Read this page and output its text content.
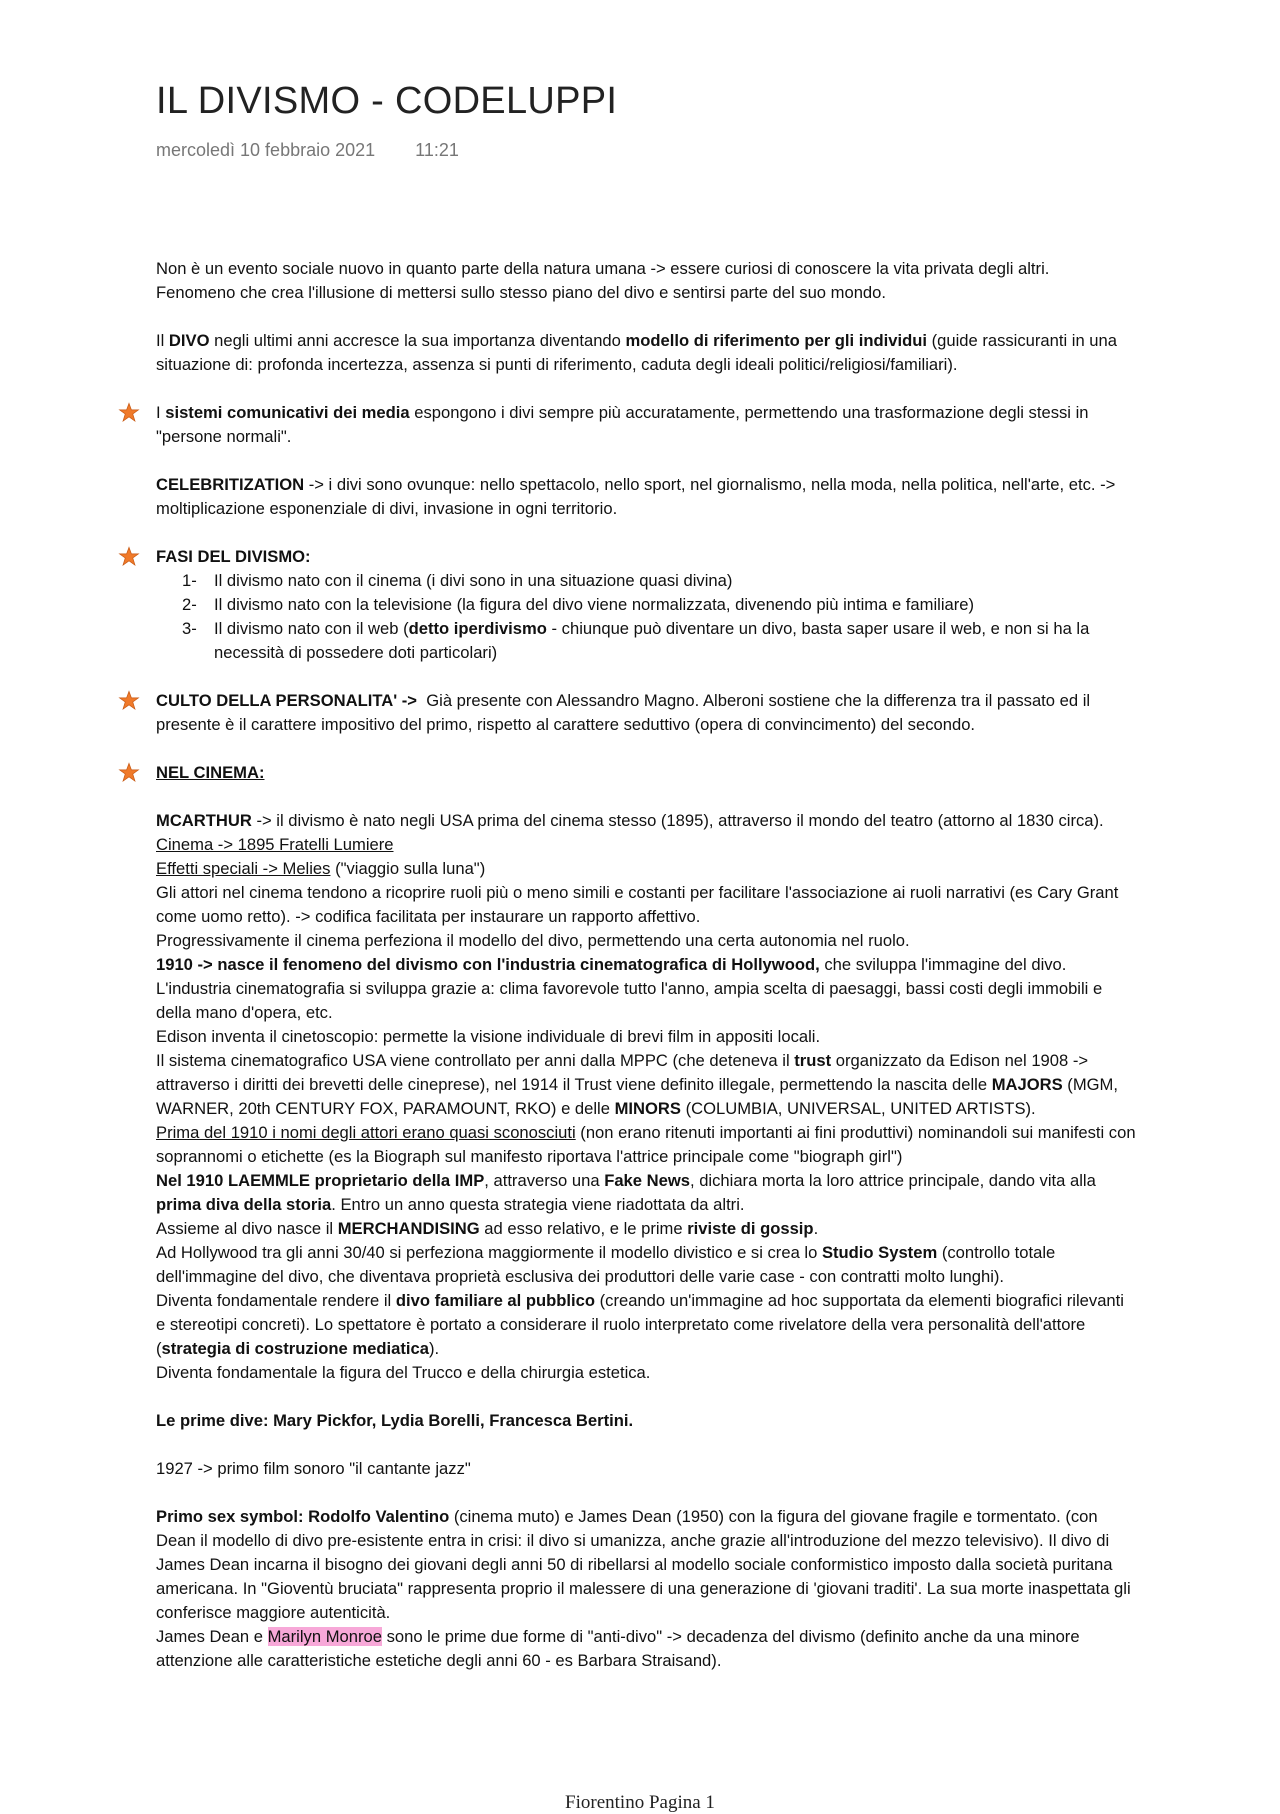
IL DIVISMO - CODELUPPI
mercoledì 10 febbraio 2021 11:21

Non è un evento sociale nuovo in quanto parte della natura umana -> essere curiosi di conoscere la vita privata degli altri.

Fenomeno che crea l'illusione di mettersi sullo stesso piano del divo e sentirsi parte del suo mondo.

Il DIVO negli ultimi anni accresce la sua importanza diventando modello di riferimento per gli individui (guide rassicuranti in una situazione di: profonda incertezza, assenza si punti di riferimento, caduta degli ideali politici/religiosi/familiari).

I sistemi comunicativi dei media espongono i divi sempre più accuratamente, permettendo una trasformazione degli stessi in "persone normali".

CELEBRITIZATION -> i divi sono ovunque: nello spettacolo, nello sport, nel giornalismo, nella moda, nella politica, nell'arte, etc. -> moltiplicazione esponenziale di divi, invasione in ogni territorio.

FASI DEL DIVISMO:

1- Il divismo nato con il cinema (i divi sono in una situazione quasi divina)
2- Il divismo nato con la televisione (la figura del divo viene normalizzata, divenendo più intima e familiare)
3- Il divismo nato con il web (detto iperdivismo - chiunque può diventare un divo, basta saper usare il web, e non si ha la necessità di possedere doti particolari)

CULTO DELLA PERSONALITA' ->  Già presente con Alessandro Magno. Alberoni sostiene che la differenza tra il passato ed il presente è il carattere impositivo del primo, rispetto al carattere seduttivo (opera di convincimento) del secondo.

NEL CINEMA:

MCARTHUR -> il divismo è nato negli USA prima del cinema stesso (1895), attraverso il mondo del teatro (attorno al 1830 circa).

Cinema -> 1895 Fratelli Lumiere

Effetti speciali -> Melies ("viaggio sulla luna")

Gli attori nel cinema tendono a ricoprire ruoli più o meno simili e costanti per facilitare l'associazione ai ruoli narrativi (es Cary Grant come uomo retto). -> codifica facilitata per instaurare un rapporto affettivo.

Progressivamente il cinema perfeziona il modello del divo, permettendo una certa autonomia nel ruolo.

1910 -> nasce il fenomeno del divismo con l'industria cinematografica di Hollywood, che sviluppa l'immagine del divo.

L'industria cinematografia si sviluppa grazie a: clima favorevole tutto l'anno, ampia scelta di paesaggi, bassi costi degli immobili e della mano d'opera, etc.

Edison inventa il cinetoscopio: permette la visione individuale di brevi film in appositi locali.

Il sistema cinematografico USA viene controllato per anni dalla MPPC (che deteneva il trust organizzato da Edison nel 1908 -> attraverso i diritti dei brevetti delle cineprese), nel 1914 il Trust viene definito illegale, permettendo la nascita delle MAJORS (MGM, WARNER, 20th CENTURY FOX, PARAMOUNT, RKO) e delle MINORS (COLUMBIA, UNIVERSAL, UNITED ARTISTS).

Prima del 1910 i nomi degli attori erano quasi sconosciuti (non erano ritenuti importanti ai fini produttivi) nominandoli sui manifesti con soprannomi o etichette (es la Biograph sul manifesto riportava l'attrice principale come "biograph girl")

Nel 1910 LAEMMLE proprietario della IMP, attraverso una Fake News, dichiara morta la loro attrice principale, dando vita alla prima diva della storia. Entro un anno questa strategia viene riadottata da altri.

Assieme al divo nasce il MERCHANDISING ad esso relativo, e le prime riviste di gossip.

Ad Hollywood tra gli anni 30/40 si perfeziona maggiormente il modello divistico e si crea lo Studio System (controllo totale dell'immagine del divo, che diventava proprietà esclusiva dei produttori delle varie case - con contratti molto lunghi).

Diventa fondamentale rendere il divo familiare al pubblico (creando un'immagine ad hoc supportata da elementi biografici rilevanti e stereotipi concreti). Lo spettatore è portato a considerare il ruolo interpretato come rivelatore della vera personalità dell'attore (strategia di costruzione mediatica).

Diventa fondamentale la figura del Trucco e della chirurgia estetica.

Le prime dive: Mary Pickfor, Lydia Borelli, Francesca Bertini.

1927 -> primo film sonoro "il cantante jazz"

Primo sex symbol: Rodolfo Valentino (cinema muto) e James Dean (1950) con la figura del giovane fragile e tormentato. (con Dean il modello di divo pre-esistente entra in crisi: il divo si umanizza, anche grazie all'introduzione del mezzo televisivo). Il divo di James Dean incarna il bisogno dei giovani degli anni 50 di ribellarsi al modello sociale conformistico imposto dalla società puritana americana. In "Gioventù bruciata" rappresenta proprio il malessere di una generazione di 'giovani traditi'. La sua morte inaspettata gli conferisce maggiore autenticità.

James Dean e Marilyn Monroe sono le prime due forme di "anti-divo" -> decadenza del divismo (definito anche da una minore attenzione alle caratteristiche estetiche degli anni 60 - es Barbara Straisand).

Fiorentino Pagina 1
